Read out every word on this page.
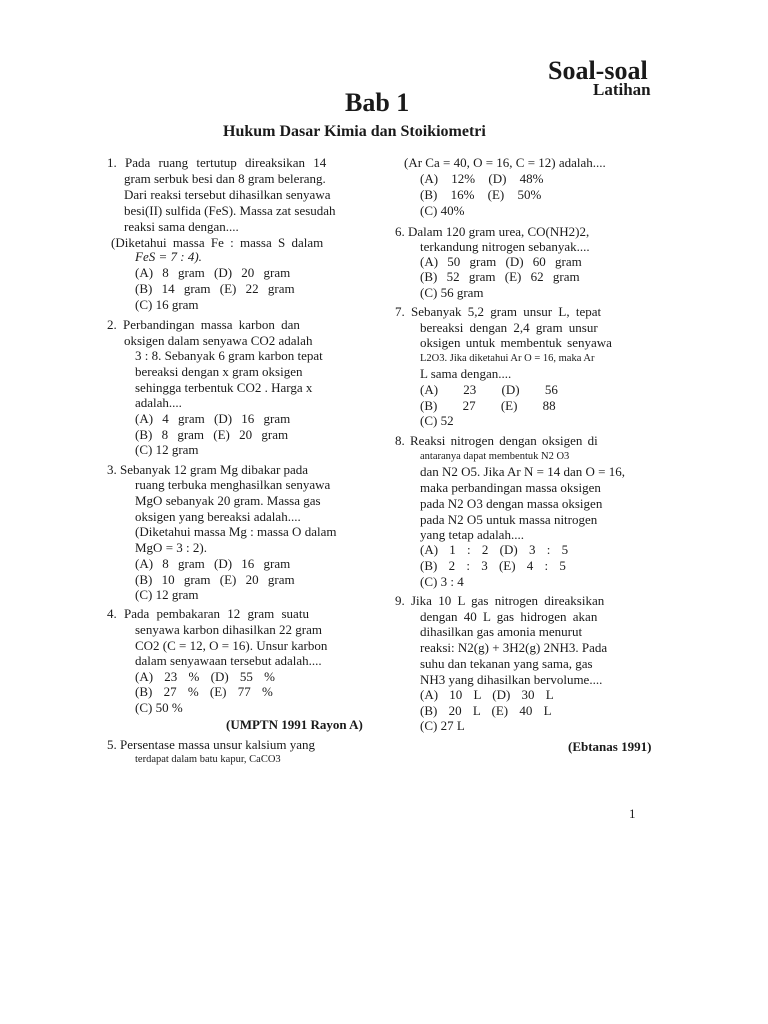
Soal-soal
Latihan
Bab 1
Hukum Dasar Kimia dan Stoikiometri
1. Pada ruang tertutup direaksikan 14
gram serbuk besi dan 8 gram belerang.
Dari reaksi tersebut dihasilkan senyawa
besi(II) sulfida (FeS). Massa zat sesudah
reaksi sama dengan....
(Diketahui massa Fe : massa S dalam
FeS = 7 : 4).
(A) 8 gram (D) 20 gram
(B) 14 gram (E) 22 gram
(C) 16 gram
2. Perbandingan massa karbon dan
oksigen dalam senyawa CO2 adalah
3 : 8. Sebanyak 6 gram karbon tepat
bereaksi dengan x gram oksigen
sehingga terbentuk CO2 . Harga x
adalah....
(A) 4 gram (D) 16 gram
(B) 8 gram (E) 20 gram
(C) 12 gram
3. Sebanyak 12 gram Mg dibakar pada
ruang terbuka menghasilkan senyawa
MgO sebanyak 20 gram. Massa gas
oksigen yang bereaksi adalah....
(Diketahui massa Mg : massa O dalam
MgO = 3 : 2).
(A) 8 gram (D) 16 gram
(B) 10 gram (E) 20 gram
(C) 12 gram
4. Pada pembakaran 12 gram suatu
senyawa karbon dihasilkan 22 gram
CO2 (C = 12, O = 16). Unsur karbon
dalam senyawaan tersebut adalah....
(A) 23 % (D) 55 %
(B) 27 % (E) 77 %
(C) 50 %
(UMPTN 1991 Rayon A)
5. Persentase massa unsur kalsium yang
terdapat dalam batu kapur, CaCO3
(Ar Ca = 40, O = 16, C = 12) adalah....
(A) 12% (D) 48%
(B) 16% (E) 50%
(C) 40%
6. Dalam 120 gram urea, CO(NH2)2,
terkandung nitrogen sebanyak....
(A) 50 gram (D) 60 gram
(B) 52 gram (E) 62 gram
(C) 56 gram
7. Sebanyak 5,2 gram unsur L, tepat
bereaksi dengan 2,4 gram unsur
oksigen untuk membentuk senyawa
L2O3. Jika diketahui Ar O = 16, maka Ar
L sama dengan....
(A) 23 (D) 56
(B) 27 (E) 88
(C) 52
8. Reaksi nitrogen dengan oksigen di
antaranya dapat membentuk N2 O3
dan N2 O5. Jika Ar N = 14 dan O = 16,
maka perbandingan massa oksigen
pada N2 O3 dengan massa oksigen
pada N2 O5 untuk massa nitrogen
yang tetap adalah....
(A) 1 : 2 (D) 3 : 5
(B) 2 : 3 (E) 4 : 5
(C) 3 : 4
9. Jika 10 L gas nitrogen direaksikan
dengan 40 L gas hidrogen akan
dihasilkan gas amonia menurut
reaksi: N2(g) + 3H2(g) 2NH3. Pada
suhu dan tekanan yang sama, gas
NH3 yang dihasilkan bervolume....
(A) 10 L (D) 30 L
(B) 20 L (E) 40 L
(C) 27 L
(Ebtanas 1991)
1
